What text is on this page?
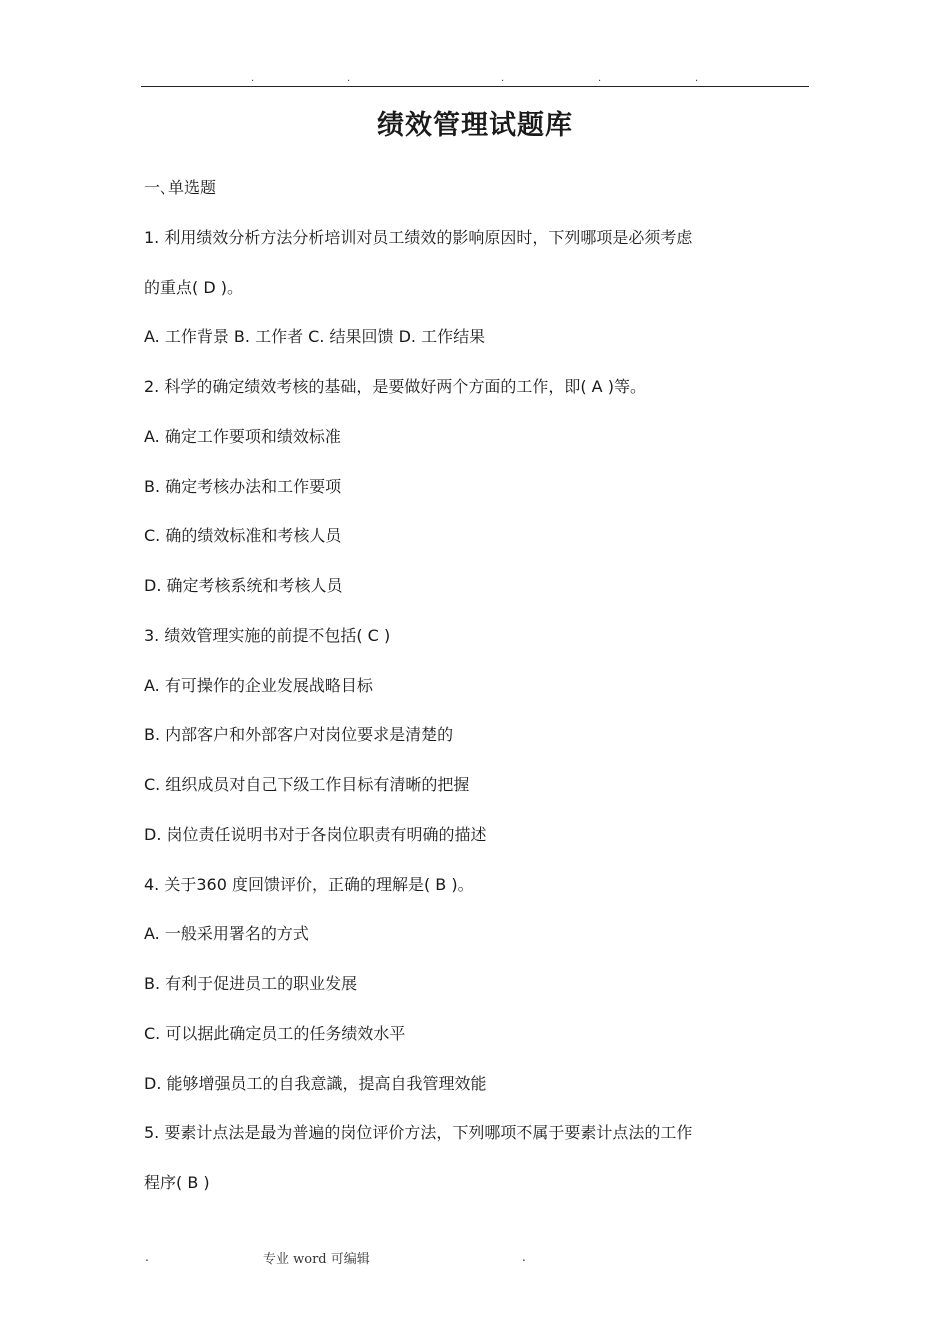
.	.	.	.	.
绩效管理试题库
一､单选题
1. 利用绩效分析方法分析培训对员工绩效的影响原因时，下列哪项是必须考虑
的重点( D )。
A. 工作背景 B. 工作者 C. 结果回馈 D. 工作结果
2. 科学的确定绩效考核的基础，是要做好两个方面的工作，即( A )等。
A. 确定工作要项和绩效标准
B. 确定考核办法和工作要项
C. 确的绩效标准和考核人员
D. 确定考核系统和考核人员
3. 绩效管理实施的前提不包括( C )
A. 有可操作的企业发展战略目标
B. 内部客户和外部客户对岗位要求是清楚的
C. 组织成员对自己下级工作目标有清晰的把握
D. 岗位责任说明书对于各岗位职责有明确的描述
4. 关于360 度回馈评价，正确的理解是( B )。
A. 一般采用署名的方式
B. 有利于促进员工的职业发展
C. 可以据此确定员工的任务绩效水平
D. 能够增强员工的自我意識，提高自我管理效能
5. 要素计点法是最为普遍的岗位评价方法，下列哪项不属于要素计点法的工作
程序( B )
.	专业 word 可编辑	.
